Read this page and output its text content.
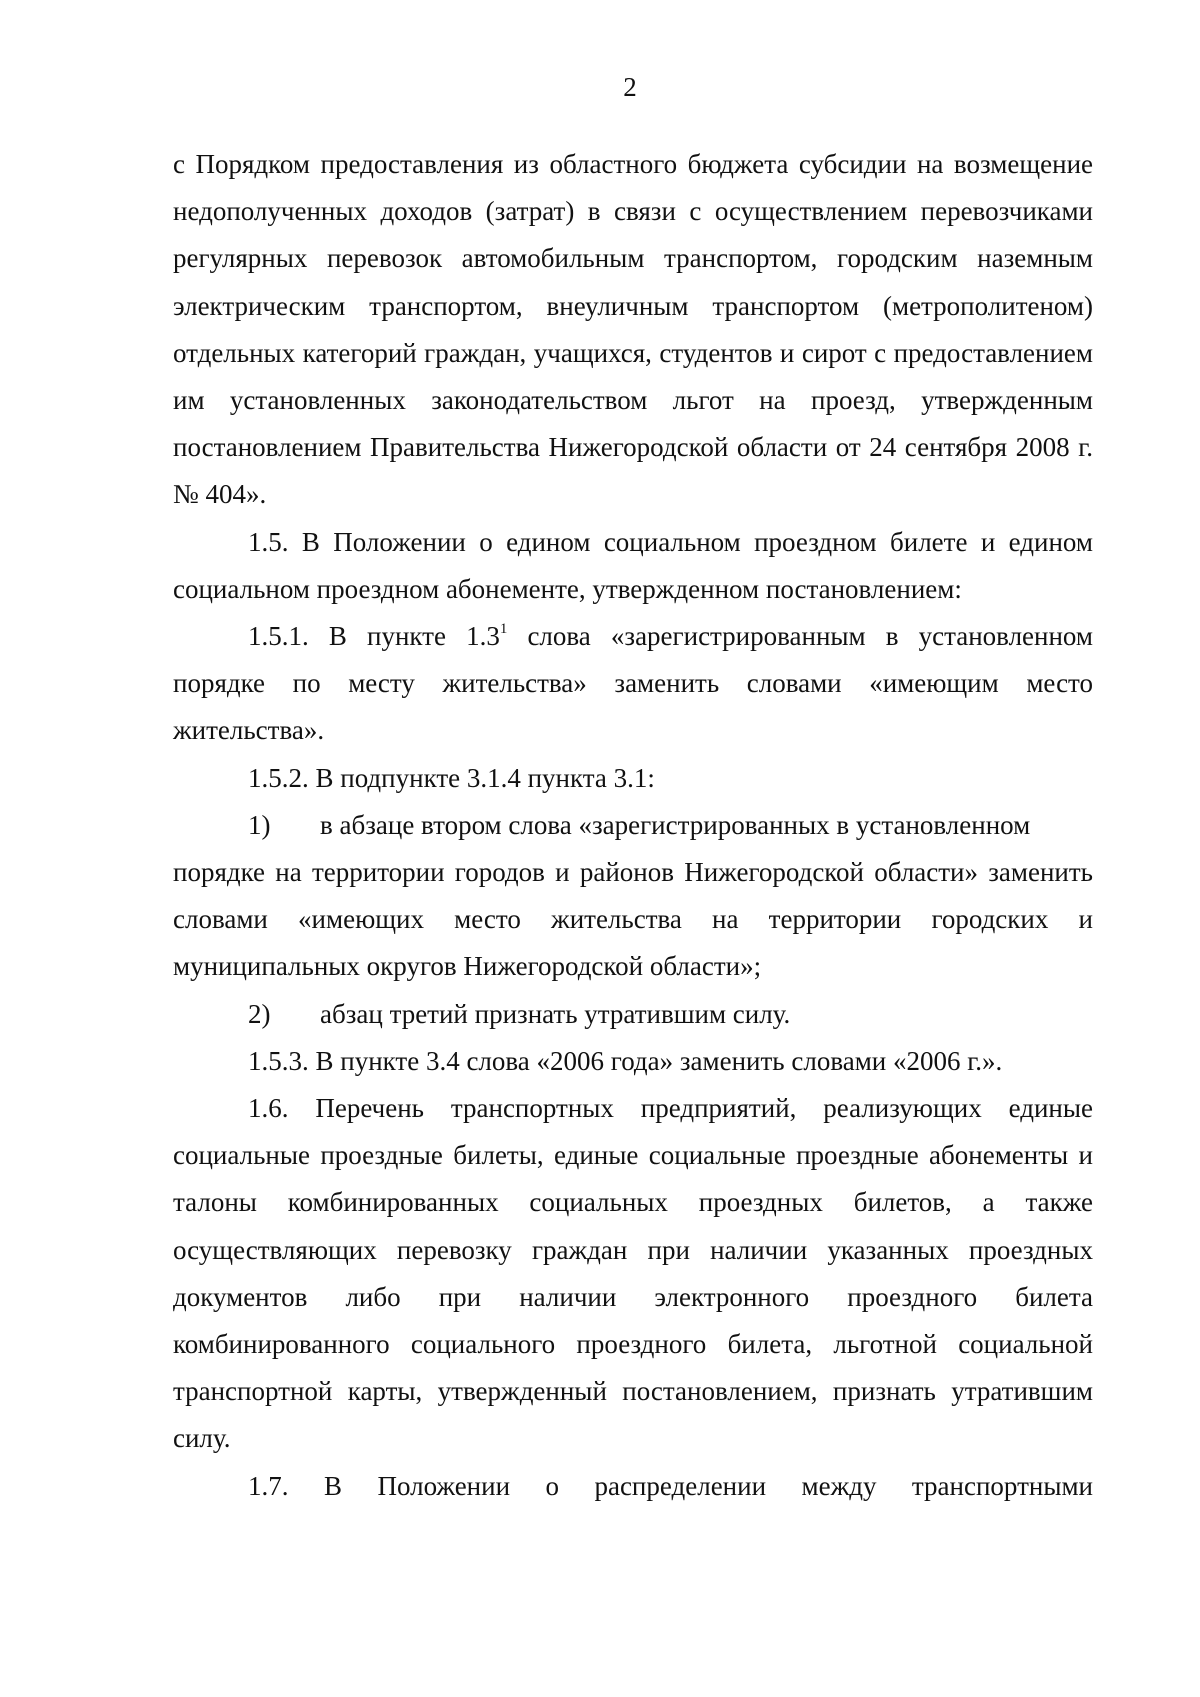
2

с Порядком предоставления из областного бюджета субсидии на возмещение недополученных доходов (затрат) в связи с осуществлением перевозчиками регулярных перевозок автомобильным транспортом, городским наземным электрическим транспортом, внеуличным транспортом (метрополитеном) отдельных категорий граждан, учащихся, студентов и сирот с предоставлением им установленных законодательством льгот на проезд, утвержденным постановлением Правительства Нижегородской области от 24 сентября 2008 г. № 404».

1.5. В Положении о едином социальном проездном билете и едином социальном проездном абонементе, утвержденном постановлением:

1.5.1. В пункте $1.3^1$ слова «зарегистрированным в установленном порядке по месту жительства» заменить словами «имеющим место жительства».

1.5.2. В подпункте 3.1.4 пункта 3.1:

1)	в абзаце втором слова «зарегистрированных в установленном

порядке на территории городов и районов Нижегородской области» заменить словами «имеющих место жительства на территории городских и муниципальных округов Нижегородской области»;

2)	абзац третий признать утратившим силу.

1.5.3. В пункте 3.4 слова «2006 года» заменить словами «2006 г.».

1.6. Перечень транспортных предприятий, реализующих единые социальные проездные билеты, единые социальные проездные абонементы и талоны комбинированных социальных проездных билетов, а также осуществляющих перевозку граждан при наличии указанных проездных документов либо при наличии электронного проездного билета комбинированного социального проездного билета, льготной социальной транспортной карты, утвержденный постановлением, признать утратившим силу.

1.7. В Положении о распределении между транспортными
